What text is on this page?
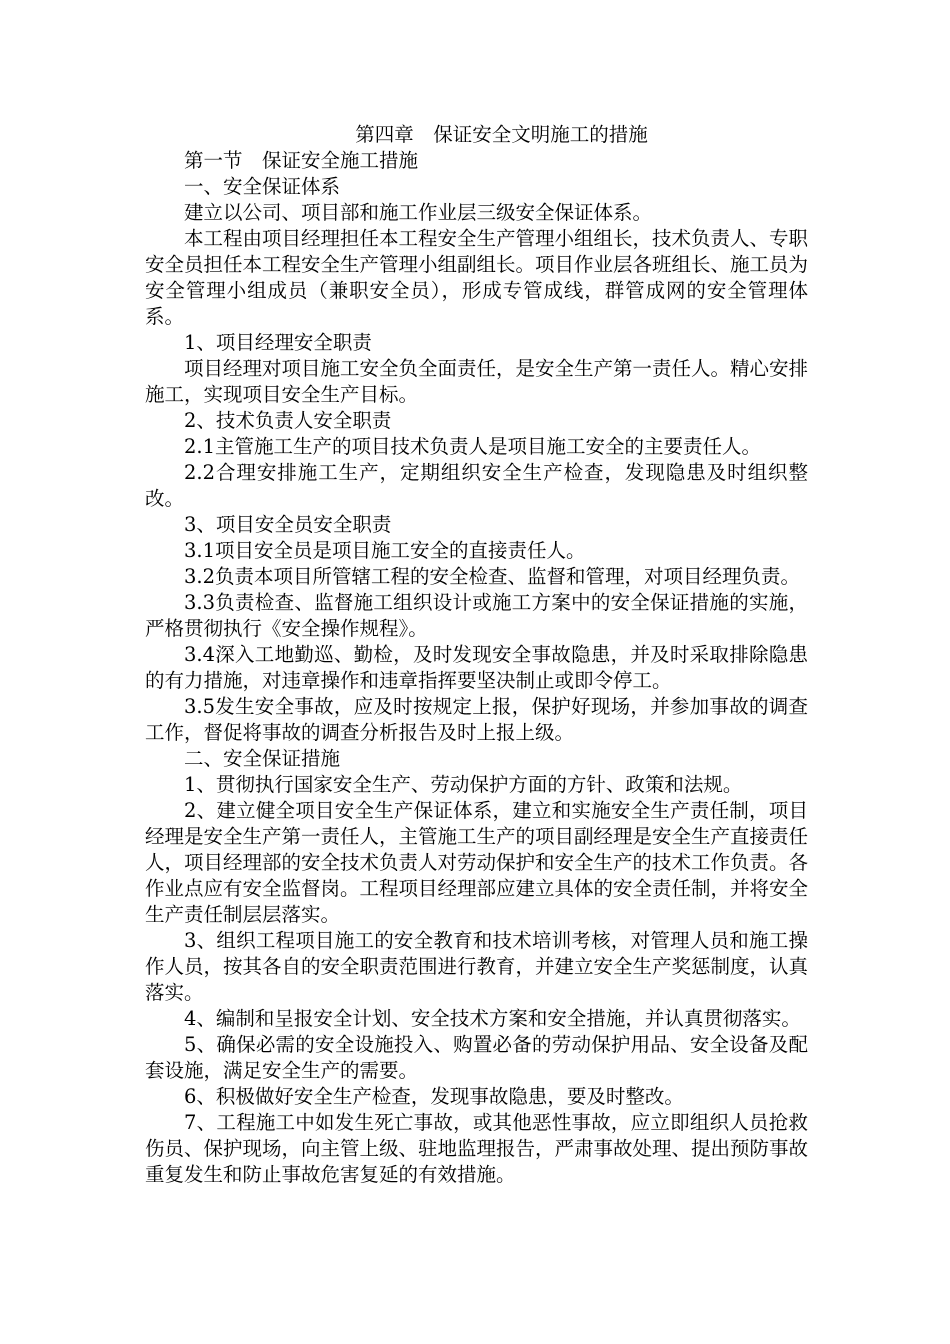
第四章　保证安全文明施工的措施

第一节　保证安全施工措施

一、安全保证体系

建立以公司、项目部和施工作业层三级安全保证体系。

本工程由项目经理担任本工程安全生产管理小组组长，技术负责人、专职安全员担任本工程安全生产管理小组副组长。项目作业层各班组长、施工员为安全管理小组成员（兼职安全员），形成专管成线，群管成网的安全管理体系。

1、项目经理安全职责

项目经理对项目施工安全负全面责任，是安全生产第一责任人。精心安排施工，实现项目安全生产目标。

2、技术负责人安全职责

2.1主管施工生产的项目技术负责人是项目施工安全的主要责任人。

2.2合理安排施工生产，定期组织安全生产检查，发现隐患及时组织整改。

3、项目安全员安全职责

3.1项目安全员是项目施工安全的直接责任人。

3.2负责本项目所管辖工程的安全检查、监督和管理，对项目经理负责。

3.3负责检查、监督施工组织设计或施工方案中的安全保证措施的实施，严格贯彻执行《安全操作规程》。

3.4深入工地勤巡、勤检，及时发现安全事故隐患，并及时采取排除隐患的有力措施，对违章操作和违章指挥要坚决制止或即令停工。

3.5发生安全事故，应及时按规定上报，保护好现场，并参加事故的调查工作，督促将事故的调查分析报告及时上报上级。

二、安全保证措施

1、贯彻执行国家安全生产、劳动保护方面的方针、政策和法规。

2、建立健全项目安全生产保证体系，建立和实施安全生产责任制，项目经理是安全生产第一责任人，主管施工生产的项目副经理是安全生产直接责任人，项目经理部的安全技术负责人对劳动保护和安全生产的技术工作负责。各作业点应有安全监督岗。工程项目经理部应建立具体的安全责任制，并将安全生产责任制层层落实。

3、组织工程项目施工的安全教育和技术培训考核，对管理人员和施工操作人员，按其各自的安全职责范围进行教育，并建立安全生产奖惩制度，认真落实。

4、编制和呈报安全计划、安全技术方案和安全措施，并认真贯彻落实。

5、确保必需的安全设施投入、购置必备的劳动保护用品、安全设备及配套设施，满足安全生产的需要。

6、积极做好安全生产检查，发现事故隐患，要及时整改。

7、工程施工中如发生死亡事故，或其他恶性事故，应立即组织人员抢救伤员、保护现场，向主管上级、驻地监理报告，严肃事故处理、提出预防事故重复发生和防止事故危害复延的有效措施。
